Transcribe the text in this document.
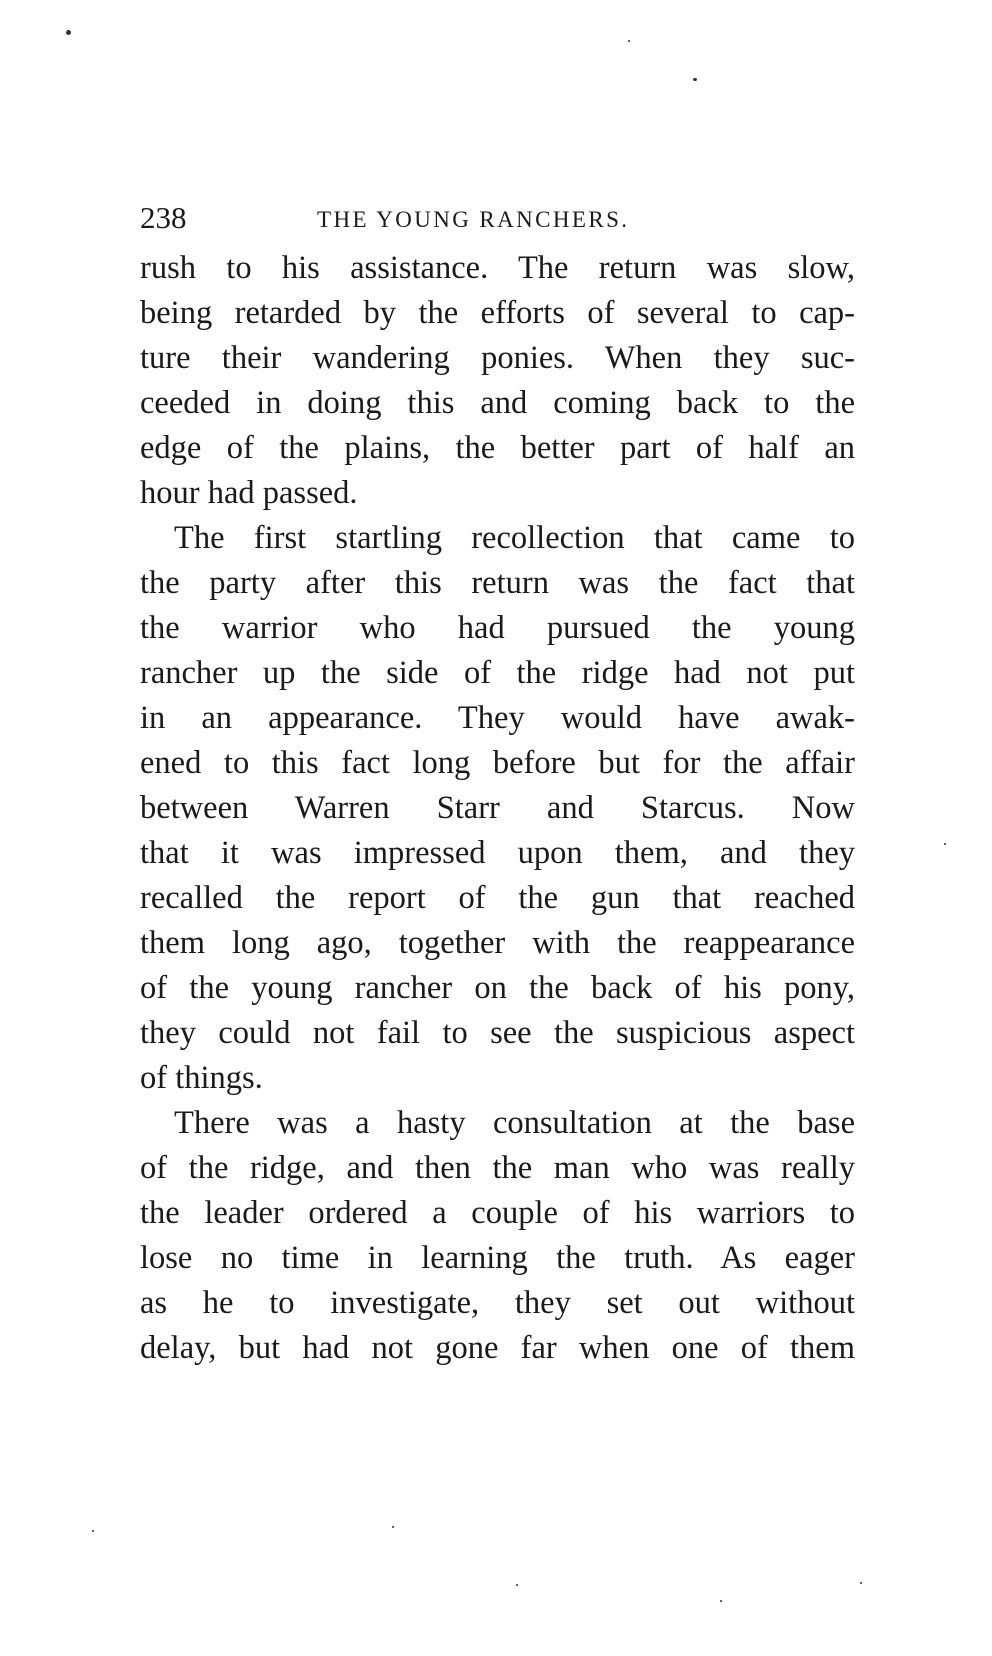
238	THE YOUNG RANCHERS.
rush to his assistance. The return was slow,
being retarded by the efforts of several to cap-
ture their wandering ponies. When they suc-
ceeded in doing this and coming back to the
edge of the plains, the better part of half an
hour had passed.
The first startling recollection that came to
the party after this return was the fact that
the warrior who had pursued the young
rancher up the side of the ridge had not put
in an appearance. They would have awak-
ened to this fact long before but for the affair
between Warren Starr and Starcus. Now
that it was impressed upon them, and they
recalled the report of the gun that reached
them long ago, together with the reappearance
of the young rancher on the back of his pony,
they could not fail to see the suspicious aspect
of things.
There was a hasty consultation at the base
of the ridge, and then the man who was really
the leader ordered a couple of his warriors to
lose no time in learning the truth. As eager
as he to investigate, they set out without
delay, but had not gone far when one of them
